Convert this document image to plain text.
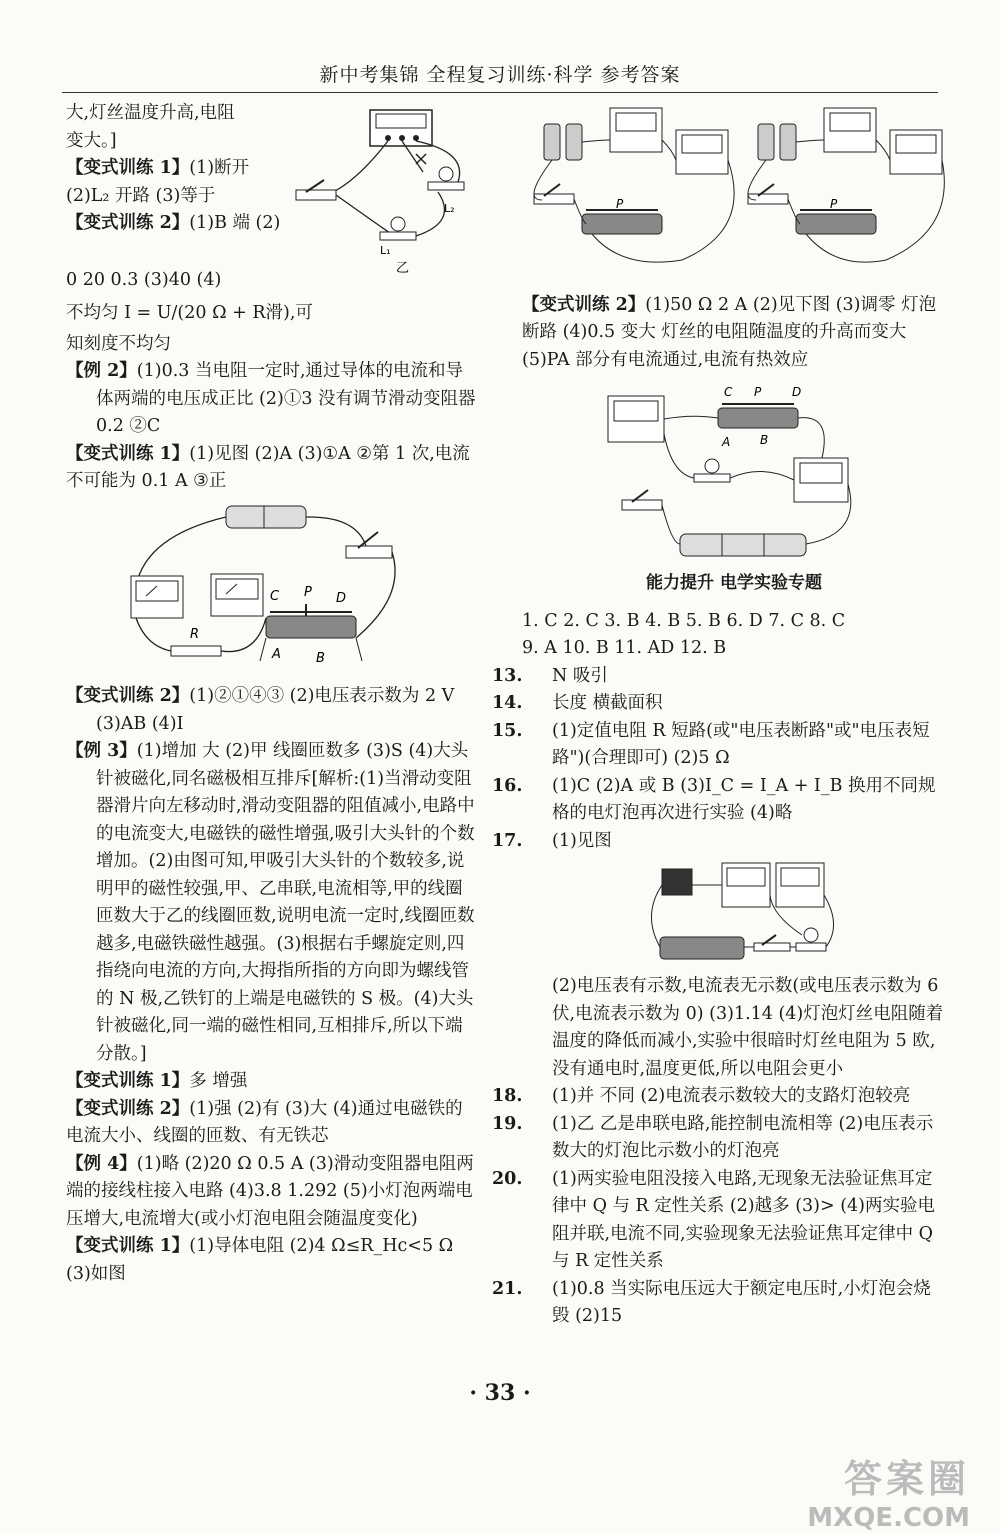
新中考集锦 全程复习训练·科学 参考答案

大,灯丝温度升高,电阻

变大。]

【变式训练 1】(1)断开

(2)L₂ 开路 (3)等于

【变式训练 2】(1)B 端 (2)

L₁
L₂
乙

0 20 0.3 (3)40 (4)

不均匀 I = U/(20 Ω + R滑),可

知刻度不均匀

【例 2】(1)0.3 当电阻一定时,通过导体的电流和导体两端的电压成正比 (2)①3 没有调节滑动变阻器 0.2 ②C

【变式训练 1】(1)见图 (2)A (3)①A ②第 1 次,电流不可能为 0.1 A ③正

C P D
A	B
R

【变式训练 2】(1)②①④③ (2)电压表示数为 2 V (3)AB (4)I

【例 3】(1)增加 大 (2)甲 线圈匝数多 (3)S (4)大头针被磁化,同名磁极相互排斥[解析:(1)当滑动变阻器滑片向左移动时,滑动变阻器的阻值减小,电路中的电流变大,电磁铁的磁性增强,吸引大头针的个数增加。(2)由图可知,甲吸引大头针的个数较多,说明甲的磁性较强,甲、乙串联,电流相等,甲的线圈匝数大于乙的线圈匝数,说明电流一定时,线圈匝数越多,电磁铁磁性越强。(3)根据右手螺旋定则,四指绕向电流的方向,大拇指所指的方向即为螺线管的 N 极,乙铁钉的上端是电磁铁的 S 极。(4)大头针被磁化,同一端的磁性相同,互相排斥,所以下端分散。]

【变式训练 1】多 增强

【变式训练 2】(1)强 (2)有 (3)大 (4)通过电磁铁的电流大小、线圈的匝数、有无铁芯

【例 4】(1)略 (2)20 Ω 0.5 A (3)滑动变阻器电阻两端的接线柱接入电路 (4)3.8 1.292 (5)小灯泡两端电压增大,电流增大(或小灯泡电阻会随温度变化)

【变式训练 1】(1)导体电阻 (2)4 Ω≤R_Hc<5 Ω (3)如图

P	P

【变式训练 2】(1)50 Ω 2 A (2)见下图 (3)调零 灯泡断路 (4)0.5 变大 灯丝的电阻随温度的升高而变大 (5)PA 部分有电流通过,电流有热效应

C P	D
A B
能力提升 电学实验专题

1. C 2. C 3. B 4. B 5. B 6. D 7. C 8. C

9. A 10. B 11. AD 12. B

13. N 吸引

14. 长度 横截面积

15. (1)定值电阻 R 短路(或"电压表断路"或"电压表短路")(合理即可) (2)5 Ω

16. (1)C (2)A 或 B (3)I_C = I_A + I_B 换用不同规格的电灯泡再次进行实验 (4)略

17. (1)见图

(2)电压表有示数,电流表无示数(或电压表示数为 6 伏,电流表示数为 0) (3)1.14 (4)灯泡灯丝电阻随着温度的降低而减小,实验中很暗时灯丝电阻为 5 欧,没有通电时,温度更低,所以电阻会更小

18. (1)并 不同 (2)电流表示数较大的支路灯泡较亮

19. (1)乙 乙是串联电路,能控制电流相等 (2)电压表示数大的灯泡比示数小的灯泡亮

20. (1)两实验电阻没接入电路,无现象无法验证焦耳定律中 Q 与 R 定性关系 (2)越多 (3)> (4)两实验电阻并联,电流不同,实验现象无法验证焦耳定律中 Q 与 R 定性关系

21. (1)0.8 当实际电压远大于额定电压时,小灯泡会烧毁 (2)15

· 33 ·
答案圈
MXQE.COM
